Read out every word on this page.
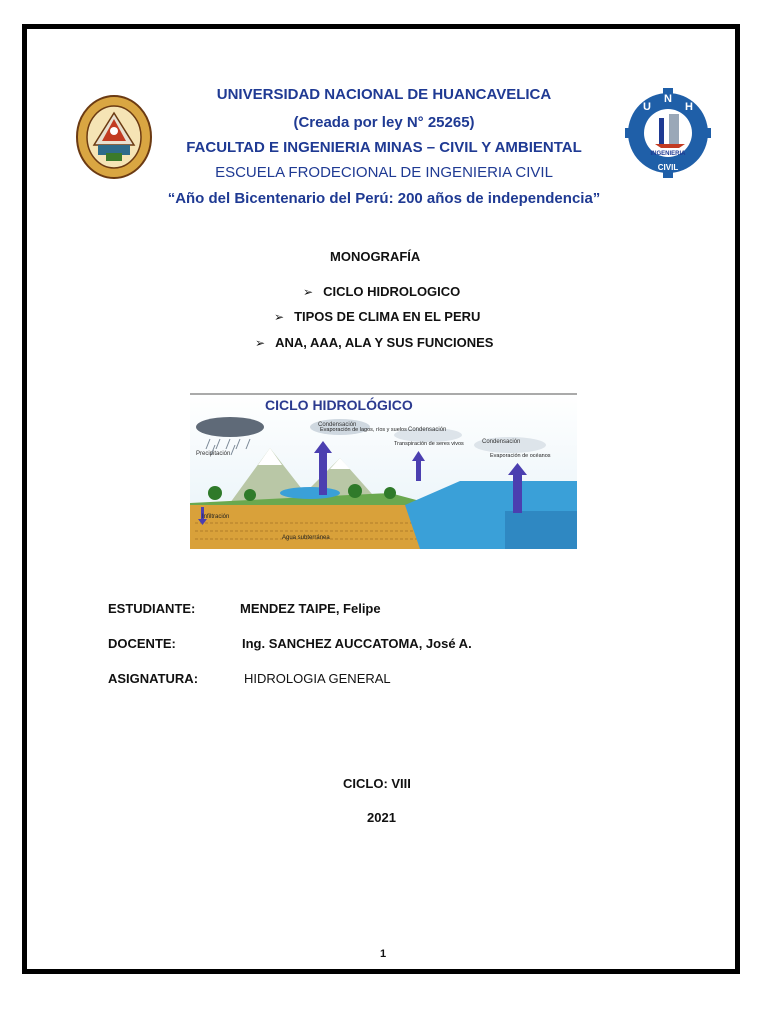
U
N
H
INGENIERIA
CIVIL
UNIVERSIDAD NACIONAL DE HUANCAVELICA
(Creada por ley N° 25265)
FACULTAD E INGENIERIA MINAS – CIVIL Y AMBIENTAL
ESCUELA FRODECIONAL DE INGENIERIA CIVIL
“Año del Bicentenario del Perú: 200 años de independencia”
MONOGRAFÍA
➢ CICLO HIDROLOGICO
➢ TIPOS DE CLIMA EN EL PERU
➢ ANA, AAA, ALA Y SUS FUNCIONES
CICLO HIDROLÓGICO
Condensación
Condensación
Condensación
Precipitación
Evaporación de lagos, ríos y suelos
Transpiración de seres vivos
Evaporación de océanos
Infiltración
Agua subterránea
ESTUDIANTE:	MENDEZ TAIPE, Felipe
DOCENTE:	Ing. SANCHEZ AUCCATOMA, José A.
ASIGNATURA:	HIDROLOGIA GENERAL
CICLO: VIII
2021
1
